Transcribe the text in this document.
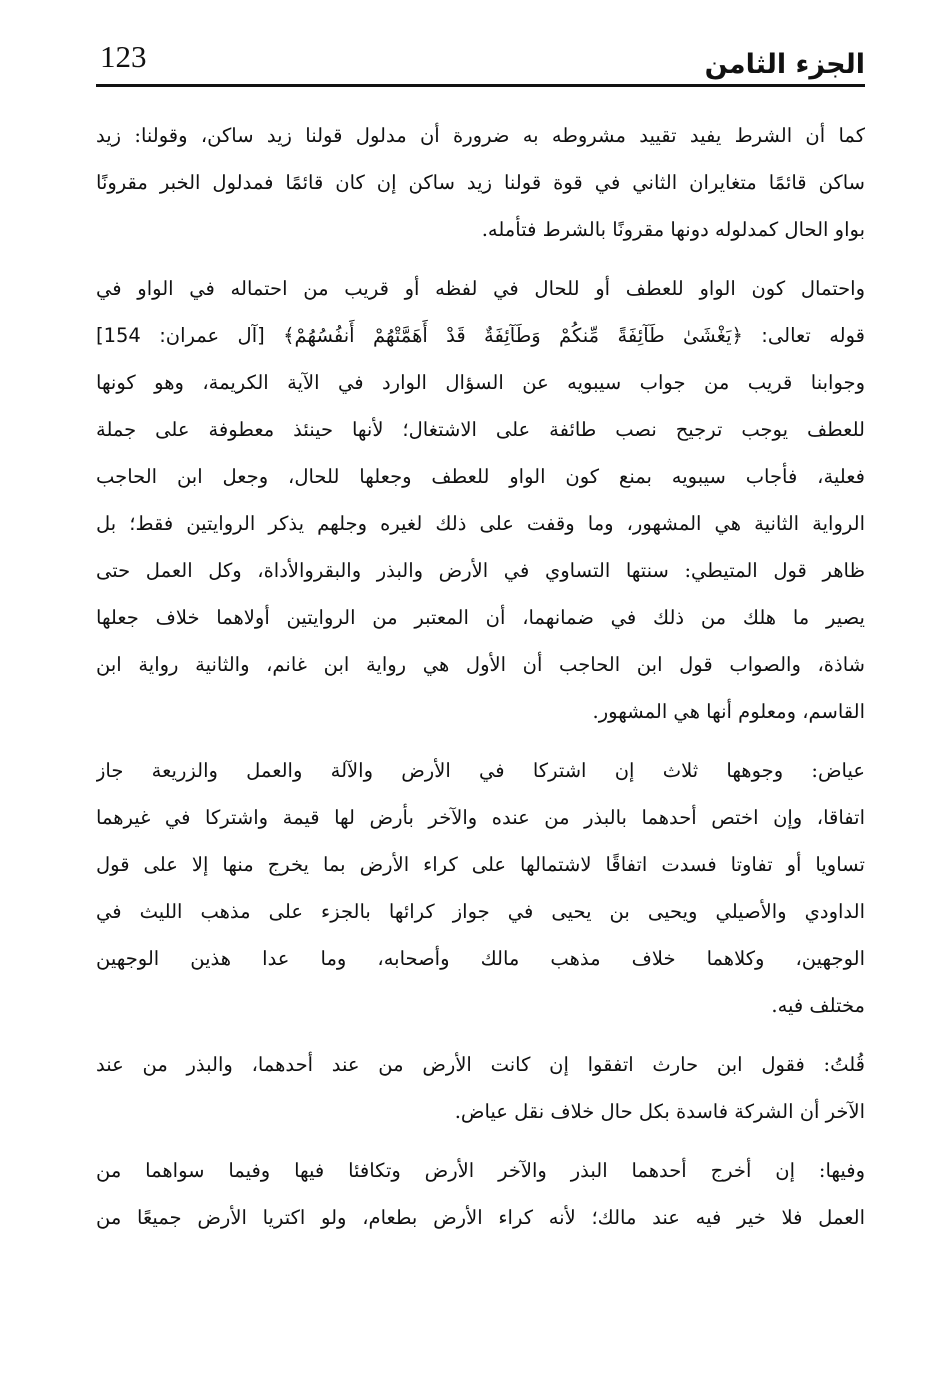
الجزء الثامن
123
كما أن الشرط يفيد تقييد مشروطه به ضرورة أن مدلول قولنا زيد ساكن، وقولنا: زيد
ساكن قائمًا متغايران الثاني في قوة قولنا زيد ساكن إن كان قائمًا فمدلول الخبر مقرونًا
بواو الحال كمدلوله دونها مقرونًا بالشرط فتأمله.
واحتمال كون الواو للعطف أو للحال في لفظه أو قريب من احتماله في الواو في
قوله تعالى: ﴿يَغْشَىٰ طَآئِفَةً مِّنكُمْ وَطَآئِفَةٌ قَدْ أَهَمَّتْهُمْ أَنفُسُهُمْ﴾ [آل عمران: 154]
وجوابنا قريب من جواب سيبويه عن السؤال الوارد في الآية الكريمة، وهو كونها
للعطف يوجب ترجيح نصب طائفة على الاشتغال؛ لأنها حينئذ معطوفة على جملة
فعلية، فأجاب سيبويه بمنع كون الواو للعطف وجعلها للحال، وجعل ابن الحاجب
الرواية الثانية هي المشهور، وما وقفت على ذلك لغيره وجلهم يذكر الروايتين فقط؛ بل
ظاهر قول المتيطي: سنتها التساوي في الأرض والبذر والبقروالأداة، وكل العمل حتى
يصير ما هلك من ذلك في ضمانهما، أن المعتبر من الروايتين أولاهما خلاف جعلها
شاذة، والصواب قول ابن الحاجب أن الأول هي رواية ابن غانم، والثانية رواية ابن
القاسم، ومعلوم أنها هي المشهور.
عياض: وجوهها ثلاث إن اشتركا في الأرض والآلة والعمل والزريعة جاز
اتفاقا، وإن اختص أحدهما بالبذر من عنده والآخر بأرض لها قيمة واشتركا في غيرهما
تساويا أو تفاوتا فسدت اتفاقًا لاشتمالها على كراء الأرض بما يخرج منها إلا على قول
الداودي والأصيلي ويحيى بن يحيى في جواز كرائها بالجزء على مذهب الليث في
الوجهين، وكلاهما خلاف مذهب مالك وأصحابه، وما عدا هذين الوجهين
مختلف فيه.
قُلتُ: فقول ابن حارث اتفقوا إن كانت الأرض من عند أحدهما، والبذر من عند
الآخر أن الشركة فاسدة بكل حال خلاف نقل عياض.
وفيها: إن أخرج أحدهما البذر والآخر الأرض وتكافئا فيها وفيما سواهما من
العمل فلا خير فيه عند مالك؛ لأنه كراء الأرض بطعام، ولو اكتريا الأرض جميعًا من
